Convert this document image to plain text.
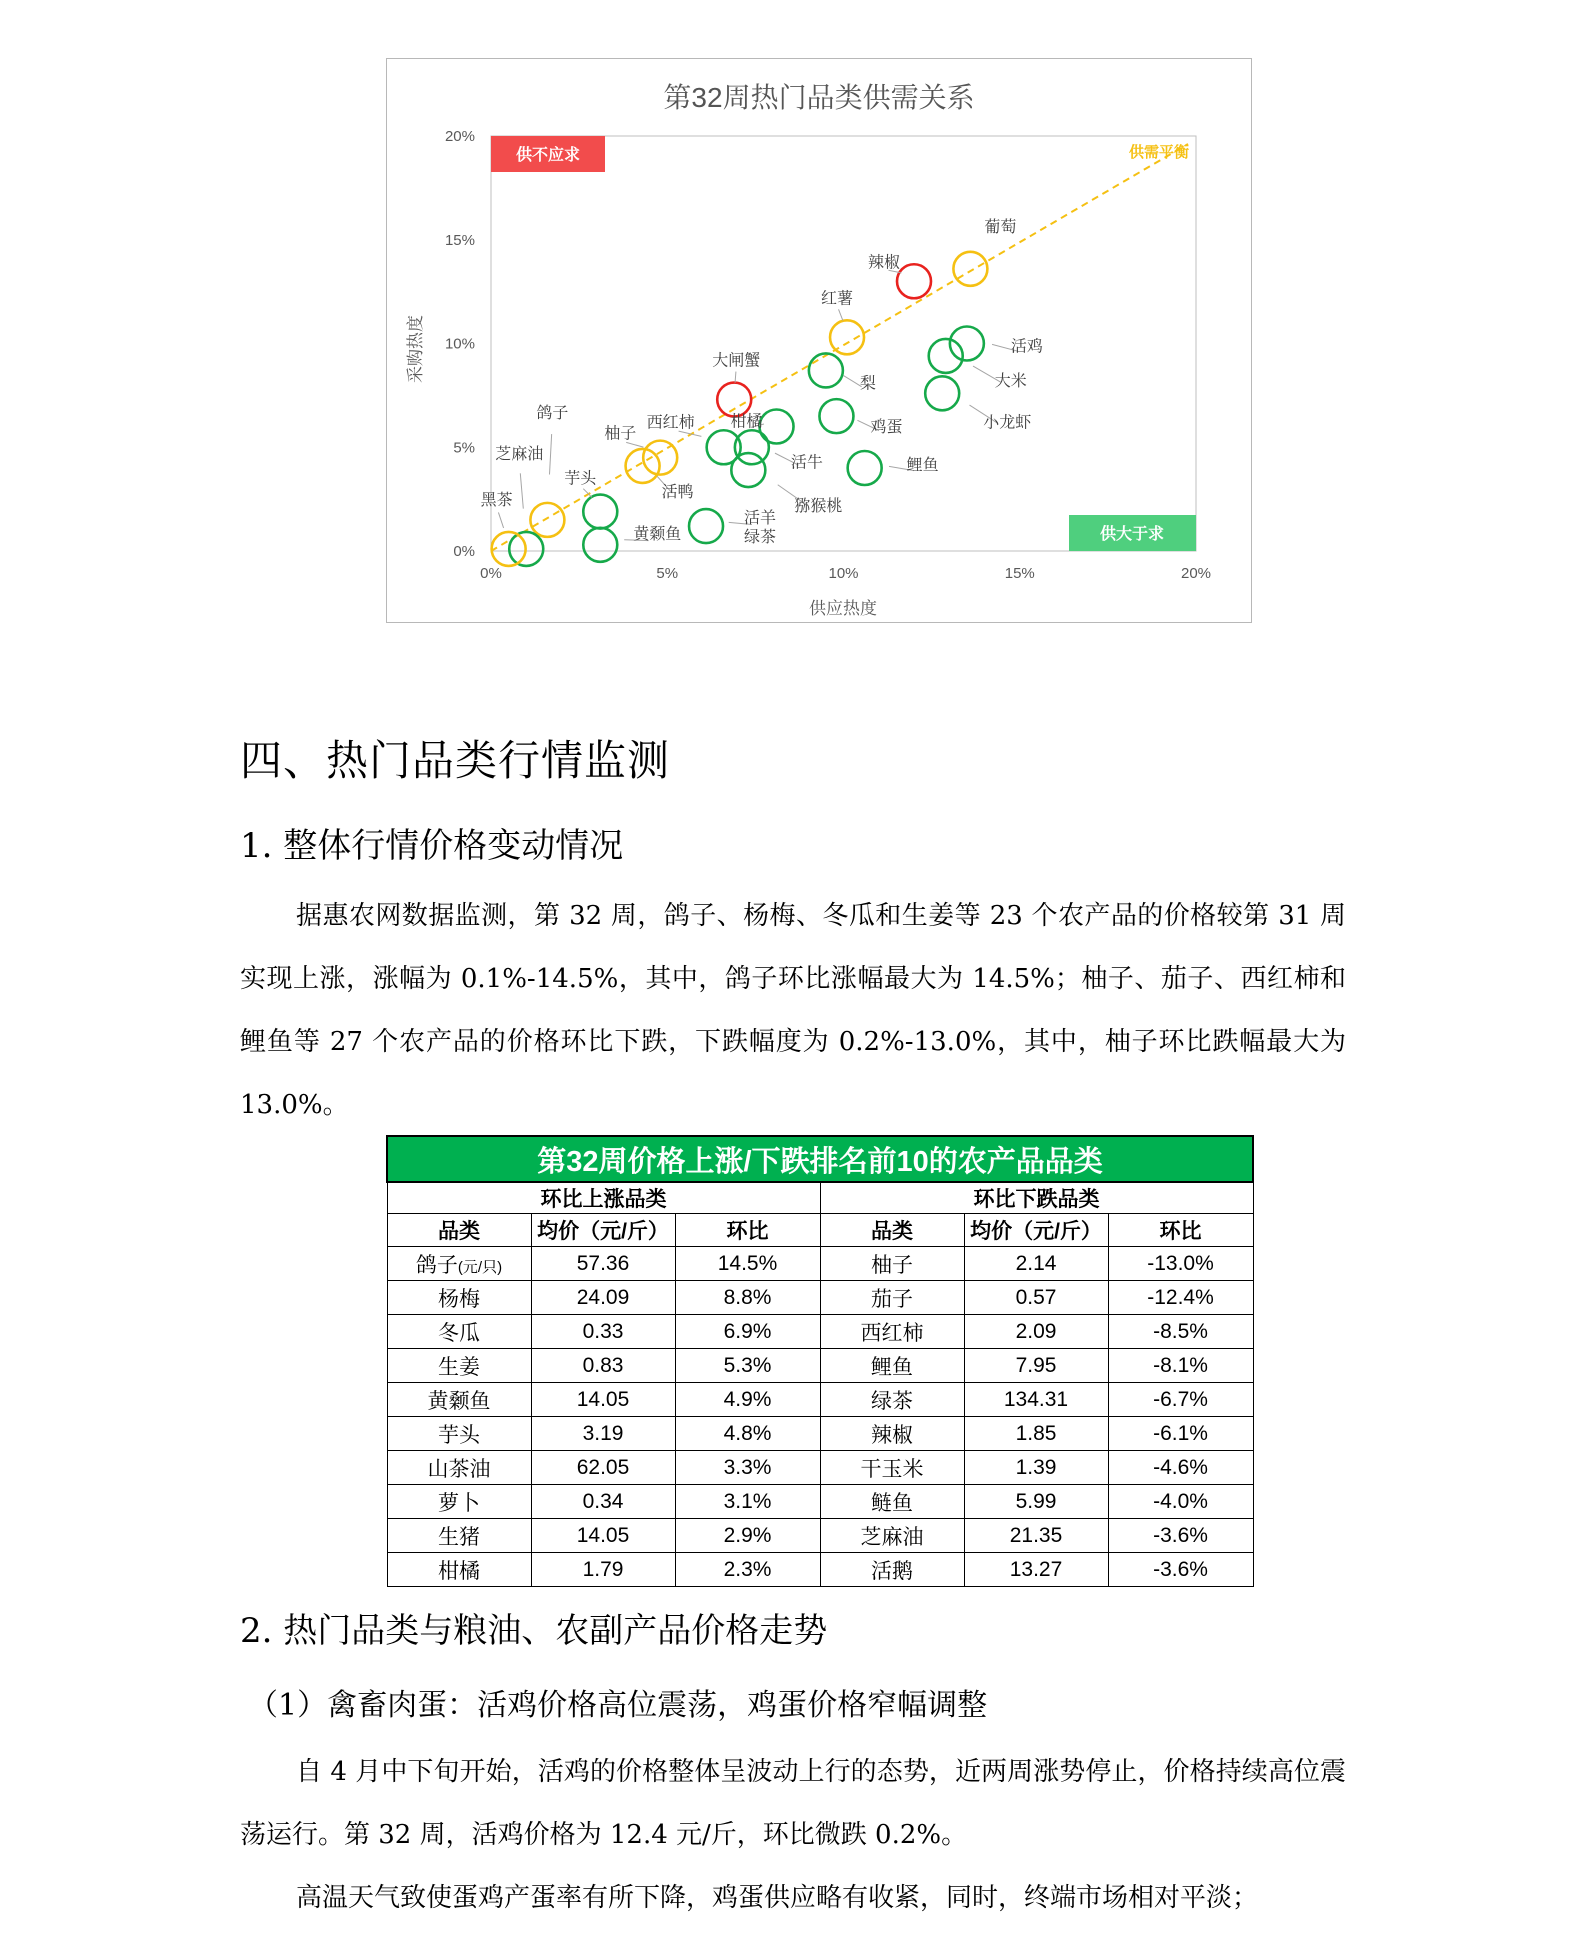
第32周热门品类供需关系
0%	5%	10%	15%	20%
0%
5%
10%
15%
20%
供应热度
采购热度
供需平衡
供不应求
供大于求
葡萄
辣椒
红薯
活鸡
大米
梨
大闸蟹
小龙虾
柑橘	鸡蛋
西红柿
活牛	鲤鱼
柚子
活鸭
猕猴桃
芋头
鸽子
芝麻油
黑茶
黄颡鱼
活羊
绿茶
四、热门品类行情监测
1. 整体行情价格变动情况

据惠农网数据监测，第 32 周，鸽子、杨梅、冬瓜和生姜等 23 个农产品的价格较第 31 周实现上涨，涨幅为 0.1%-14.5%，其中，鸽子环比涨幅最大为 14.5%；柚子、茄子、西红柿和鲤鱼等 27 个农产品的价格环比下跌，下跌幅度为 0.2%-13.0%，其中，柚子环比跌幅最大为 13.0%。

第32周价格上涨/下跌排名前10的农产品品类					
环比上涨品类			环比下跌品类		
品类	均价（元/斤）	环比	品类	均价（元/斤）	环比
鸽子(元/只)	57.36	14.5%	柚子	2.14	-13.0%
杨梅	24.09	8.8%	茄子	0.57	-12.4%
冬瓜	0.33	6.9%	西红柿	2.09	-8.5%
生姜	0.83	5.3%	鲤鱼	7.95	-8.1%
黄颡鱼	14.05	4.9%	绿茶	134.31	-6.7%
芋头	3.19	4.8%	辣椒	1.85	-6.1%
山茶油	62.05	3.3%	干玉米	1.39	-4.6%
萝卜	0.34	3.1%	鲢鱼	5.99	-4.0%
生猪	14.05	2.9%	芝麻油	21.35	-3.6%
柑橘	1.79	2.3%	活鹅	13.27	-3.6%
2. 热门品类与粮油、农副产品价格走势
（1）禽畜肉蛋：活鸡价格高位震荡，鸡蛋价格窄幅调整

自 4 月中下旬开始，活鸡的价格整体呈波动上行的态势，近两周涨势停止，价格持续高位震荡运行。第 32 周，活鸡价格为 12.4 元/斤，环比微跌 0.2%。

高温天气致使蛋鸡产蛋率有所下降，鸡蛋供应略有收紧，同时，终端市场相对平淡；
